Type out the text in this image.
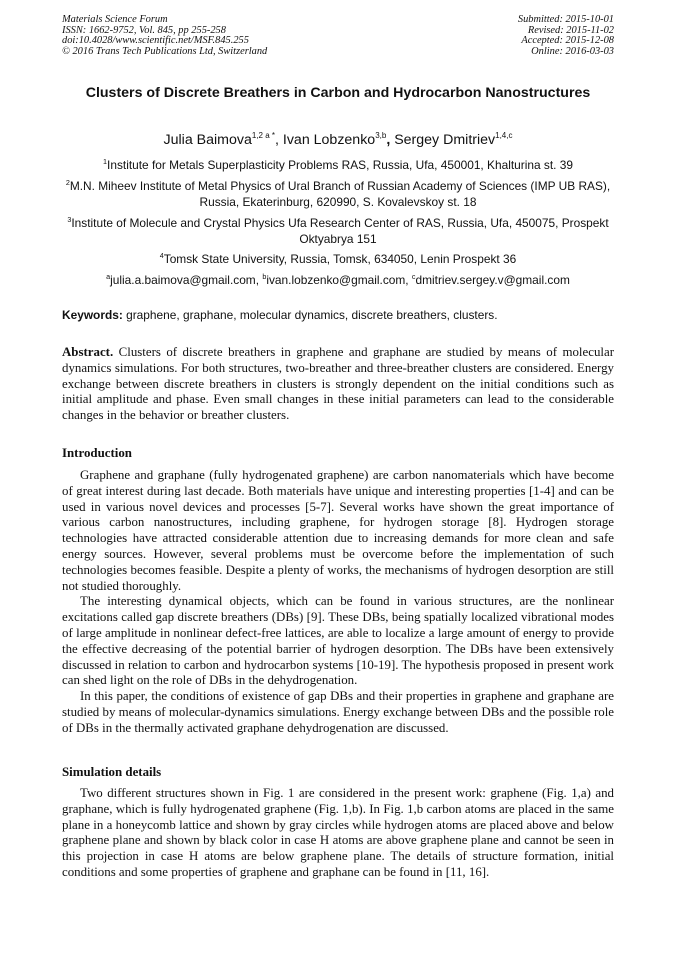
Materials Science Forum
ISSN: 1662-9752, Vol. 845, pp 255-258
doi:10.4028/www.scientific.net/MSF.845.255
© 2016 Trans Tech Publications Ltd, Switzerland
Submitted: 2015-10-01
Revised: 2015-11-02
Accepted: 2015-12-08
Online: 2016-03-03
Clusters of Discrete Breathers in Carbon and Hydrocarbon Nanostructures
Julia Baimova$^{1,2 a *}$, Ivan Lobzenko$^{3,b}$, Sergey Dmitriev$^{1,4,c}$
$^1$Institute for Metals Superplasticity Problems RAS, Russia, Ufa, 450001, Khalturina st. 39
$^2$M.N. Miheev Institute of Metal Physics of Ural Branch of Russian Academy of Sciences (IMP UB RAS), Russia, Ekaterinburg, 620990, S. Kovalevskoy st. 18
$^3$Institute of Molecule and Crystal Physics Ufa Research Center of RAS, Russia, Ufa, 450075, Prospekt Oktyabrya 151
$^4$Tomsk State University, Russia, Tomsk, 634050, Lenin Prospekt 36
$^a$julia.a.baimova@gmail.com, $^b$ivan.lobzenko@gmail.com, $^c$dmitriev.sergey.v@gmail.com
Keywords: graphene, graphane, molecular dynamics, discrete breathers, clusters.

Abstract. Clusters of discrete breathers in graphene and graphane are studied by means of molecular dynamics simulations. For both structures, two-breather and three-breather clusters are considered. Energy exchange between discrete breathers in clusters is strongly dependent on the initial conditions such as initial amplitude and phase. Even small changes in these initial parameters can lead to the considerable changes in the behavior or breather clusters.

Introduction

Graphene and graphane (fully hydrogenated graphene) are carbon nanomaterials which have become of great interest during last decade. Both materials have unique and interesting properties [1-4] and can be used in various novel devices and processes [5-7]. Several works have shown the great importance of various carbon nanostructures, including graphene, for hydrogen storage [8]. Hydrogen storage technologies have attracted considerable attention due to increasing demands for more clean and safe energy sources. However, several problems must be overcome before the implementation of such technologies becomes feasible. Despite a plenty of works, the mechanisms of hydrogen desorption are still not studied thoroughly.

The interesting dynamical objects, which can be found in various structures, are the nonlinear excitations called gap discrete breathers (DBs) [9]. These DBs, being spatially localized vibrational modes of large amplitude in nonlinear defect-free lattices, are able to localize a large amount of energy to provide the effective decreasing of the potential barrier of hydrogen desorption. The DBs have been extensively discussed in relation to carbon and hydrocarbon systems [10-19]. The hypothesis proposed in present work can shed light on the role of DBs in the dehydrogenation.

In this paper, the conditions of existence of gap DBs and their properties in graphene and graphane are studied by means of molecular-dynamics simulations. Energy exchange between DBs and the possible role of DBs in the thermally activated graphane dehydrogenation are discussed.

Simulation details

Two different structures shown in Fig. 1 are considered in the present work: graphene (Fig. 1,a) and graphane, which is fully hydrogenated graphene (Fig. 1,b). In Fig. 1,b carbon atoms are placed in the same plane in a honeycomb lattice and shown by gray circles while hydrogen atoms are placed above and below graphene plane and shown by black color in case H atoms are above graphene plane and cannot be seen in this projection in case H atoms are below graphene plane. The details of structure formation, initial conditions and some properties of graphene and graphane can be found in [11, 16].
